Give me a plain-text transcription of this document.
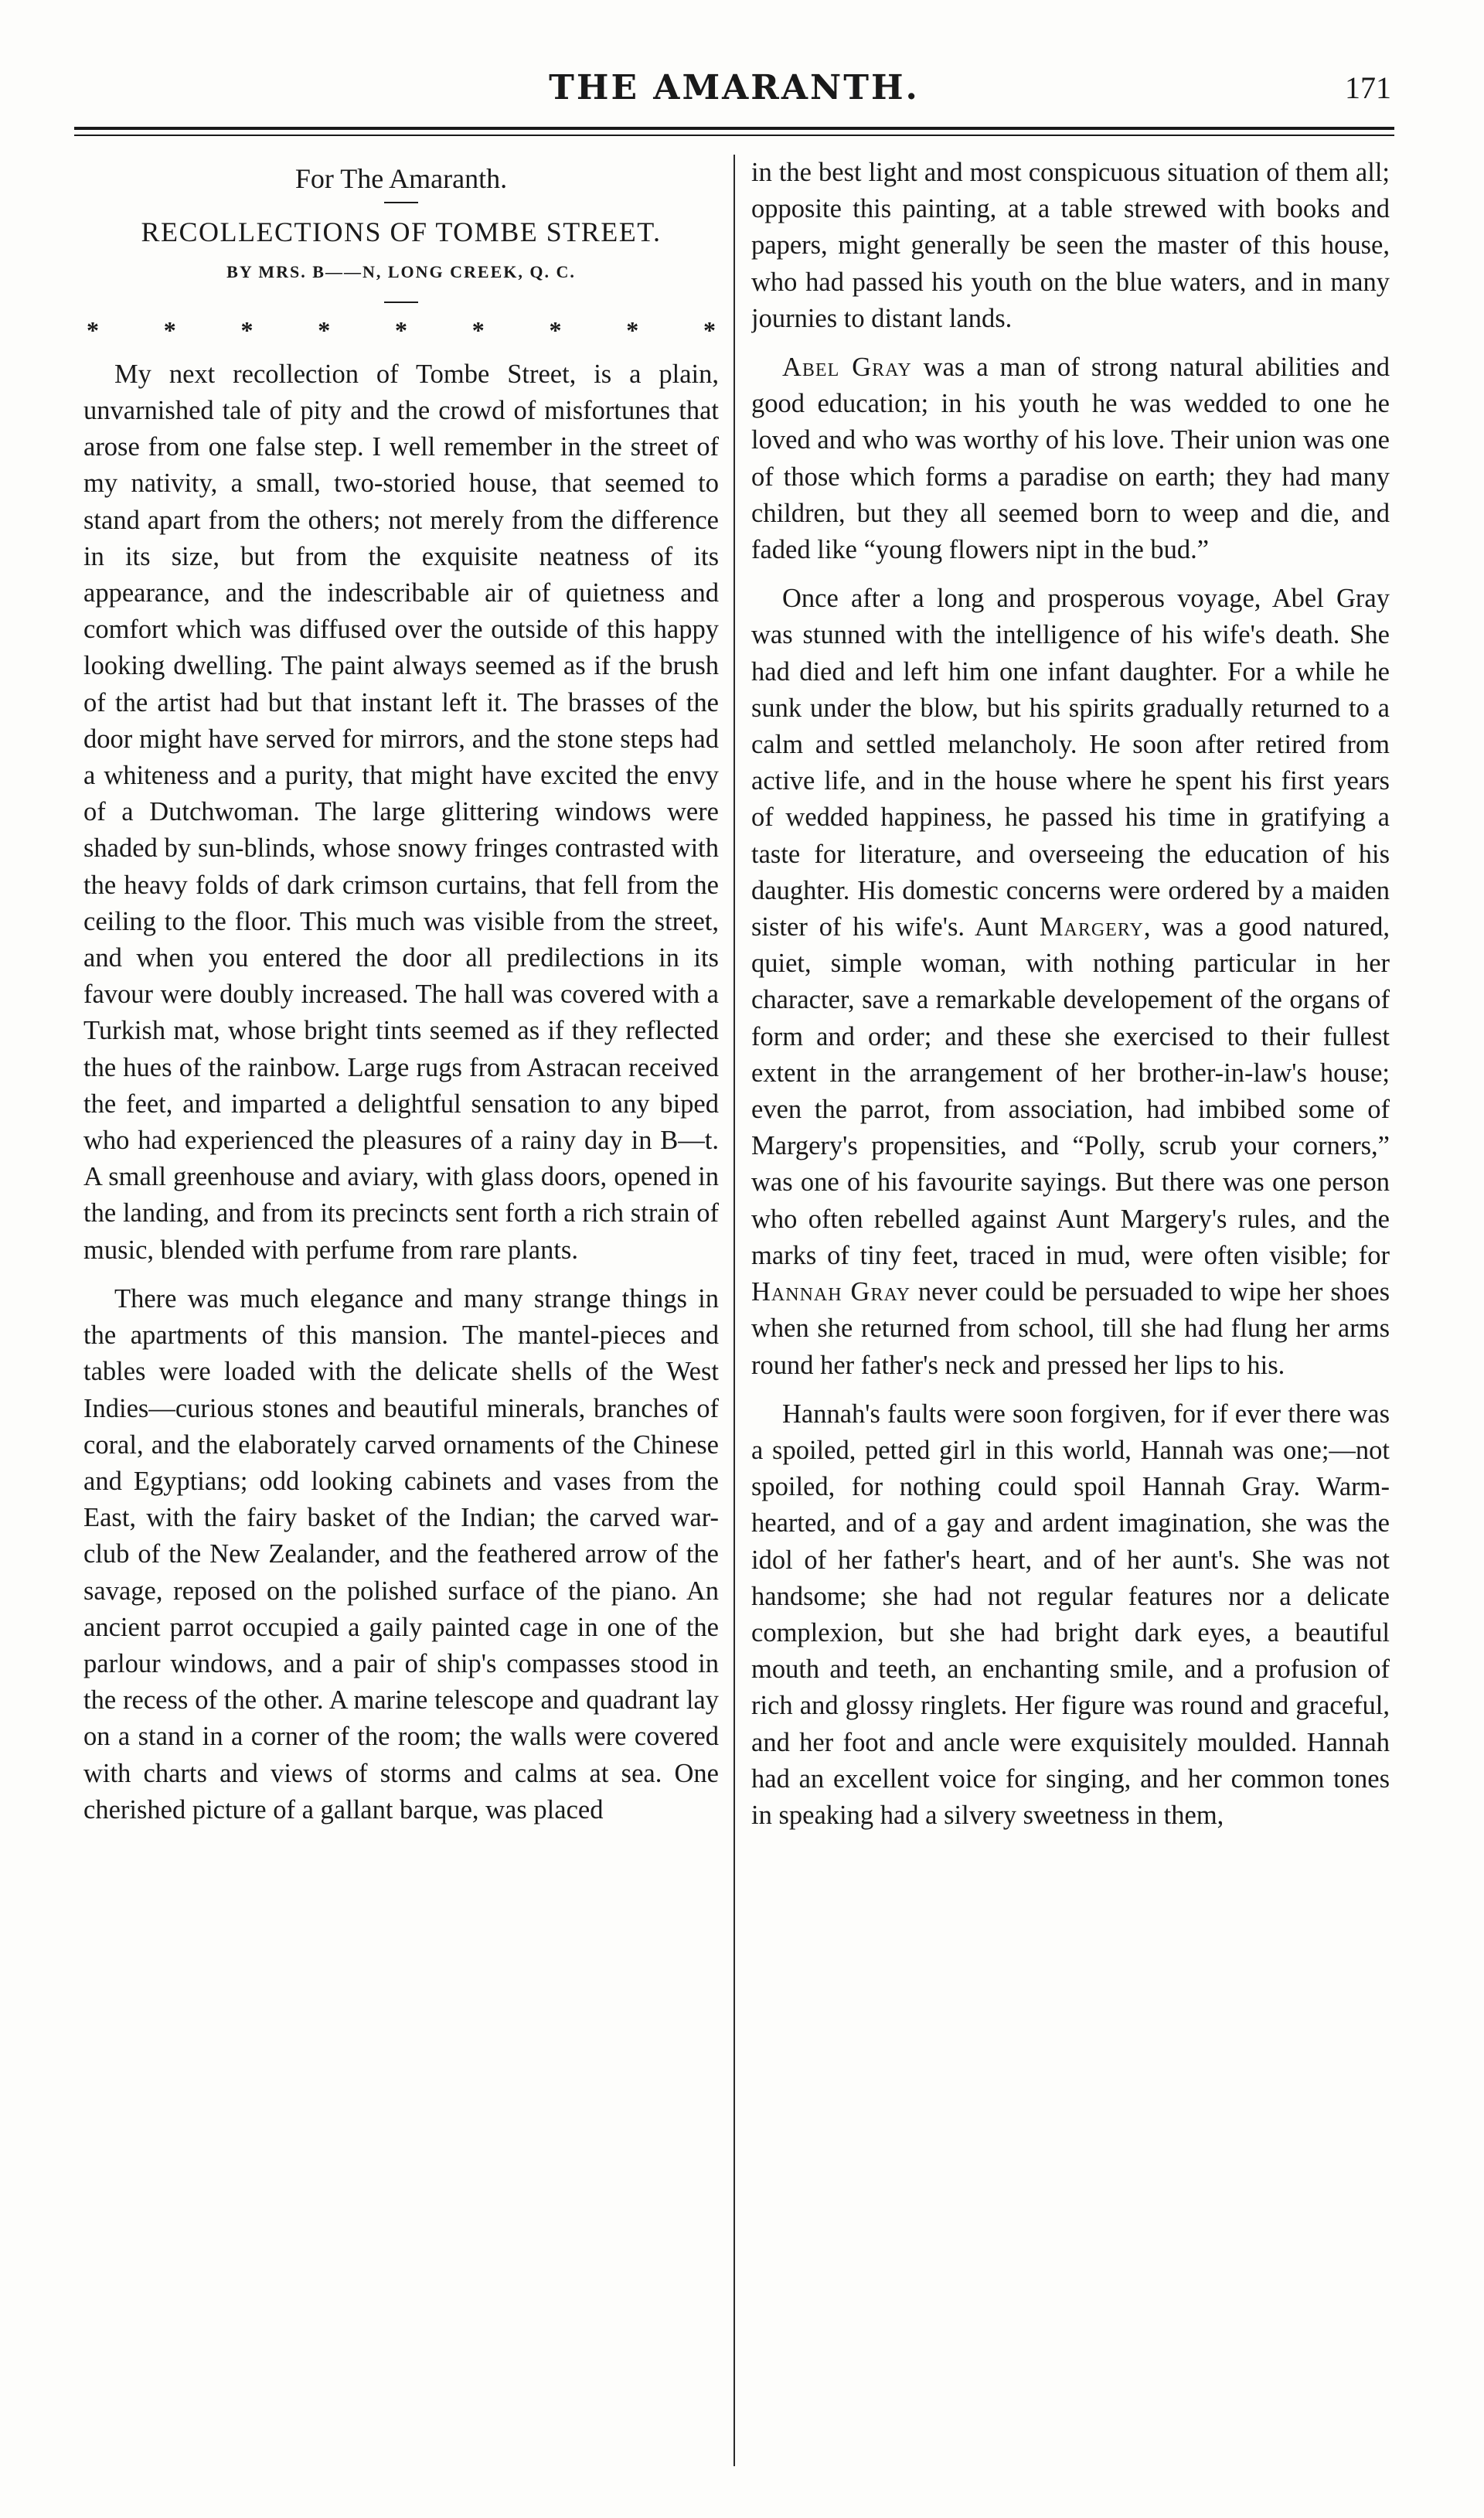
THE AMARANTH.	171
For The Amaranth.
RECOLLECTIONS OF TOMBE STREET.
BY MRS. B——N, LONG CREEK, Q. C.
*	*	*	*	*	*	*	*	*

My next recollection of Tombe Street, is a plain, unvarnished tale of pity and the crowd of misfortunes that arose from one false step. I well remember in the street of my nativity, a small, two-storied house, that seemed to stand apart from the others; not merely from the difference in its size, but from the exquisite neatness of its appearance, and the indescribable air of quietness and comfort which was diffused over the outside of this happy looking dwelling. The paint always seemed as if the brush of the artist had but that instant left it. The brasses of the door might have served for mirrors, and the stone steps had a whiteness and a purity, that might have excited the envy of a Dutchwoman. The large glittering windows were shaded by sun-blinds, whose snowy fringes contrasted with the heavy folds of dark crimson curtains, that fell from the ceiling to the floor. This much was visible from the street, and when you entered the door all predilections in its favour were doubly increased. The hall was covered with a Turkish mat, whose bright tints seemed as if they reflected the hues of the rainbow. Large rugs from Astracan received the feet, and imparted a delightful sensation to any biped who had experienced the pleasures of a rainy day in B—t. A small greenhouse and aviary, with glass doors, opened in the landing, and from its precincts sent forth a rich strain of music, blended with perfume from rare plants.

There was much elegance and many strange things in the apartments of this mansion. The mantel-pieces and tables were loaded with the delicate shells of the West Indies—curious stones and beautiful minerals, branches of coral, and the elaborately carved ornaments of the Chinese and Egyptians; odd looking cabinets and vases from the East, with the fairy basket of the Indian; the carved war-club of the New Zealander, and the feathered arrow of the savage, reposed on the polished surface of the piano. An ancient parrot occupied a gaily painted cage in one of the parlour windows, and a pair of ship's compasses stood in the recess of the other. A marine telescope and quadrant lay on a stand in a corner of the room; the walls were covered with charts and views of storms and calms at sea. One cherished picture of a gallant barque, was placed

in the best light and most conspicuous situation of them all; opposite this painting, at a table strewed with books and papers, might generally be seen the master of this house, who had passed his youth on the blue waters, and in many journies to distant lands.

Abel Gray was a man of strong natural abilities and good education; in his youth he was wedded to one he loved and who was worthy of his love. Their union was one of those which forms a paradise on earth; they had many children, but they all seemed born to weep and die, and faded like “young flowers nipt in the bud.”

Once after a long and prosperous voyage, Abel Gray was stunned with the intelligence of his wife's death. She had died and left him one infant daughter. For a while he sunk under the blow, but his spirits gradually returned to a calm and settled melancholy. He soon after retired from active life, and in the house where he spent his first years of wedded happiness, he passed his time in gratifying a taste for literature, and overseeing the education of his daughter. His domestic concerns were ordered by a maiden sister of his wife's. Aunt Margery, was a good natured, quiet, simple woman, with nothing particular in her character, save a remarkable developement of the organs of form and order; and these she exercised to their fullest extent in the arrangement of her brother-in-law's house; even the parrot, from association, had imbibed some of Margery's propensities, and “Polly, scrub your corners,” was one of his favourite sayings. But there was one person who often rebelled against Aunt Margery's rules, and the marks of tiny feet, traced in mud, were often visible; for Hannah Gray never could be persuaded to wipe her shoes when she returned from school, till she had flung her arms round her father's neck and pressed her lips to his.

Hannah's faults were soon forgiven, for if ever there was a spoiled, petted girl in this world, Hannah was one;—not spoiled, for nothing could spoil Hannah Gray. Warm-hearted, and of a gay and ardent imagination, she was the idol of her father's heart, and of her aunt's. She was not handsome; she had not regular features nor a delicate complexion, but she had bright dark eyes, a beautiful mouth and teeth, an enchanting smile, and a profusion of rich and glossy ringlets. Her figure was round and graceful, and her foot and ancle were exquisitely moulded. Hannah had an excellent voice for singing, and her common tones in speaking had a silvery sweetness in them,
